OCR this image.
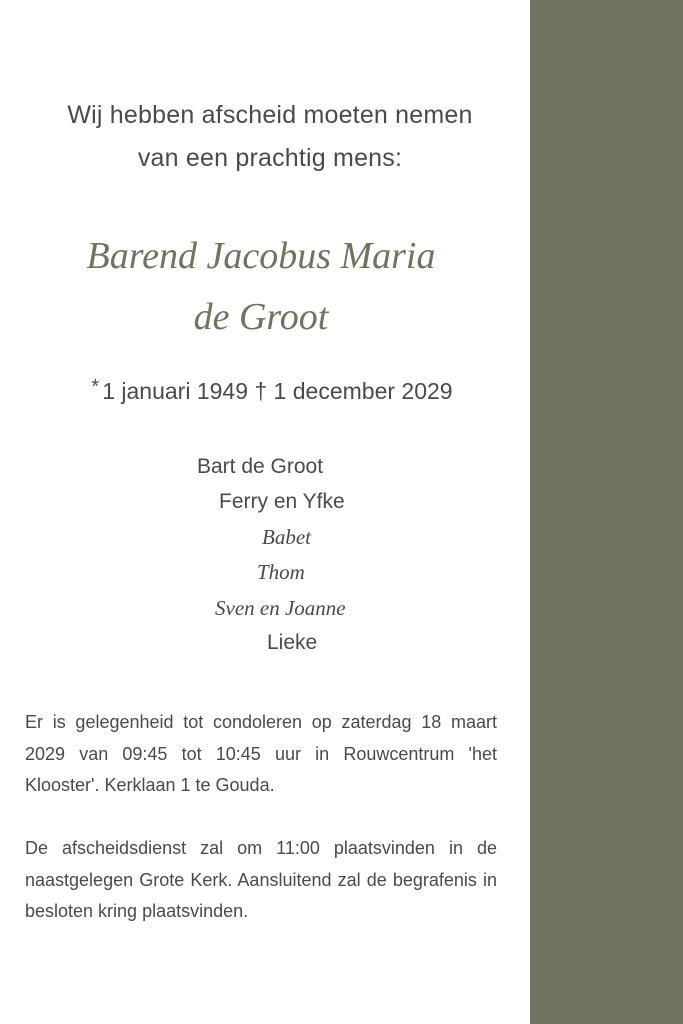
Wij hebben afscheid moeten nemen
van een prachtig mens:
Barend Jacobus Maria
de Groot
* 1 januari 1949 † 1 december 2029
Bart de Groot
Ferry en Yfke
Babet
Thom
Sven en Joanne
Lieke
Er is gelegenheid tot condoleren op zaterdag 18 maart 2029 van 09:45 tot 10:45 uur in Rouwcentrum 'het Klooster'. Kerklaan 1 te Gouda.
De afscheidsdienst zal om 11:00 plaatsvinden in de naastgelegen Grote Kerk. Aansluitend zal de begrafenis in besloten kring plaatsvinden.
